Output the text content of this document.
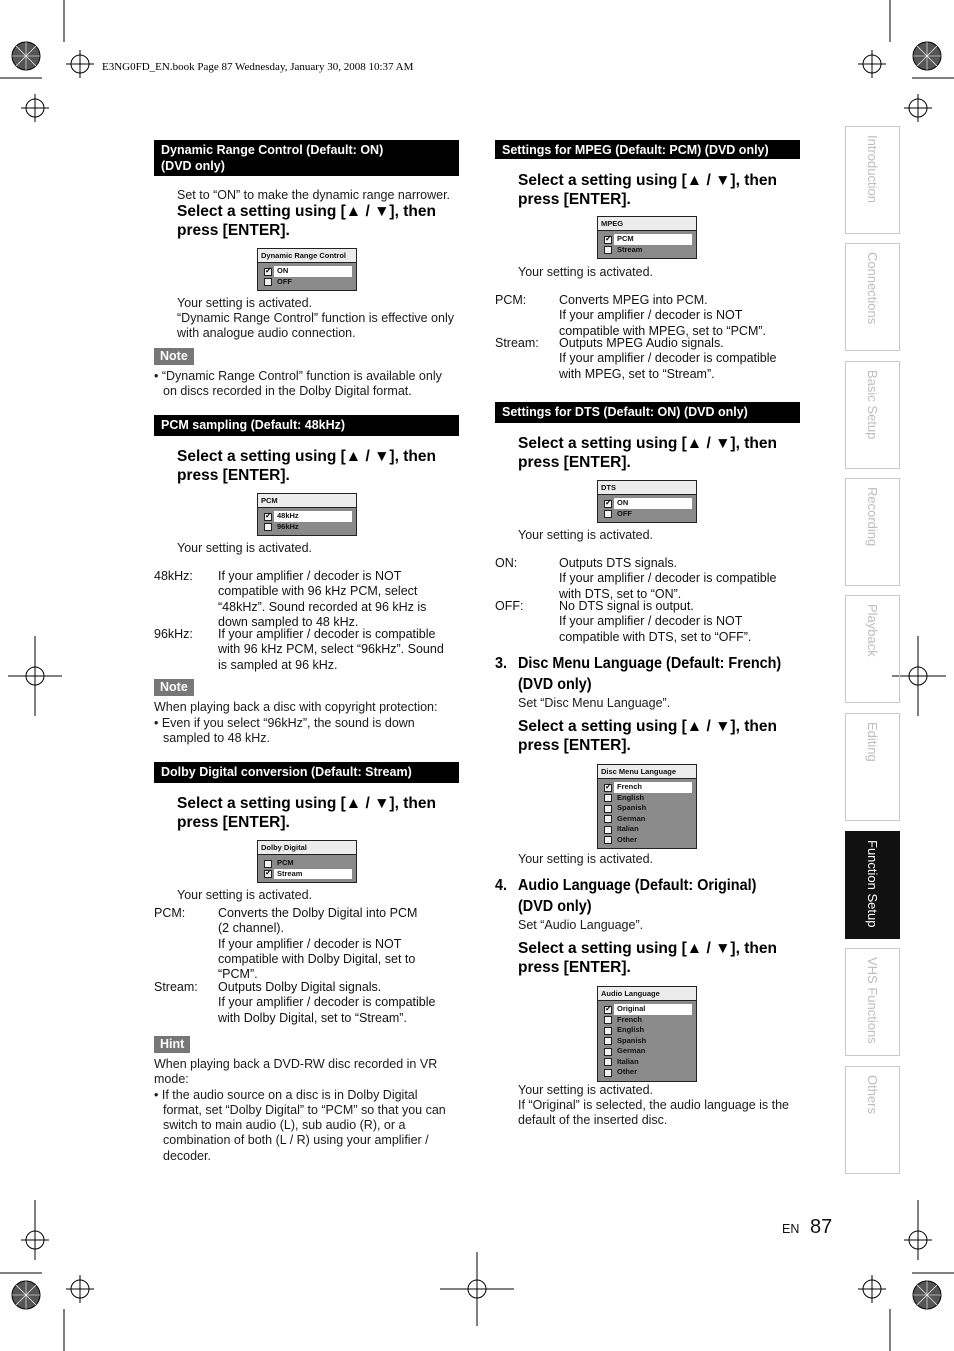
E3NG0FD_EN.book Page 87 Wednesday, January 30, 2008 10:37 AM
Dynamic Range Control (Default: ON)
(DVD only)
Set to “ON” to make the dynamic range narrower.
Select a setting using [▲ / ▼], then press [ENTER].
Dynamic Range Control
✓
ON
OFF
Your setting is activated.
“Dynamic Range Control” function is effective only
with analogue audio connection.
Note
• “Dynamic Range Control” function is available only
on discs recorded in the Dolby Digital format.
PCM sampling (Default: 48kHz)
Select a setting using [▲ / ▼], then press [ENTER].
PCM
✓
48kHz
96kHz
Your setting is activated.
48kHz: If your amplifier / decoder is NOT
compatible with 96 kHz PCM, select
“48kHz”. Sound recorded at 96 kHz is
down sampled to 48 kHz.
96kHz: If your amplifier / decoder is compatible
with 96 kHz PCM, select “96kHz”. Sound
is sampled at 96 kHz.
Note
When playing back a disc with copyright protection:
• Even if you select “96kHz”, the sound is down
sampled to 48 kHz.
Dolby Digital conversion (Default: Stream)
Select a setting using [▲ / ▼], then press [ENTER].
Dolby Digital
PCM
✓
Stream
Your setting is activated.
PCM:	Converts the Dolby Digital into PCM
(2 channel).
If your amplifier / decoder is NOT
compatible with Dolby Digital, set to
“PCM”.
Stream: Outputs Dolby Digital signals.
If your amplifier / decoder is compatible
with Dolby Digital, set to “Stream”.
Hint
When playing back a DVD-RW disc recorded in VR
mode:
• If the audio source on a disc is in Dolby Digital
format, set “Dolby Digital” to “PCM” so that you can
switch to main audio (L), sub audio (R), or a
combination of both (L / R) using your amplifier /
decoder.
Settings for MPEG (Default: PCM) (DVD only)
Select a setting using [▲ / ▼], then press [ENTER].
MPEG
✓
PCM
Stream
Your setting is activated.
PCM:	Converts MPEG into PCM.
If your amplifier / decoder is NOT
compatible with MPEG, set to “PCM”.
Stream: Outputs MPEG Audio signals.
If your amplifier / decoder is compatible
with MPEG, set to “Stream”.
Settings for DTS (Default: ON) (DVD only)
Select a setting using [▲ / ▼], then press [ENTER].
DTS
✓
ON
OFF
Your setting is activated.
ON:	Outputs DTS signals.
If your amplifier / decoder is compatible
with DTS, set to “ON”.
OFF:	No DTS signal is output.
If your amplifier / decoder is NOT
compatible with DTS, set to “OFF”.
3. Disc Menu Language (Default: French)
(DVD only)
Set “Disc Menu Language”.
Select a setting using [▲ / ▼], then press [ENTER].
Disc Menu Language
✓
French
English
Spanish
German
Italian
Other
Your setting is activated.
4. Audio Language (Default: Original)
(DVD only)
Set “Audio Language”.
Select a setting using [▲ / ▼], then press [ENTER].
Audio Language
✓
Original
French
English
Spanish
German
Italian
Other
Your setting is activated.
If “Original” is selected, the audio language is the
default of the inserted disc.
Introduction
Connections
Basic Setup
Recording
Playback
Editing
Function Setup
VHS Functions
Others
EN 87
